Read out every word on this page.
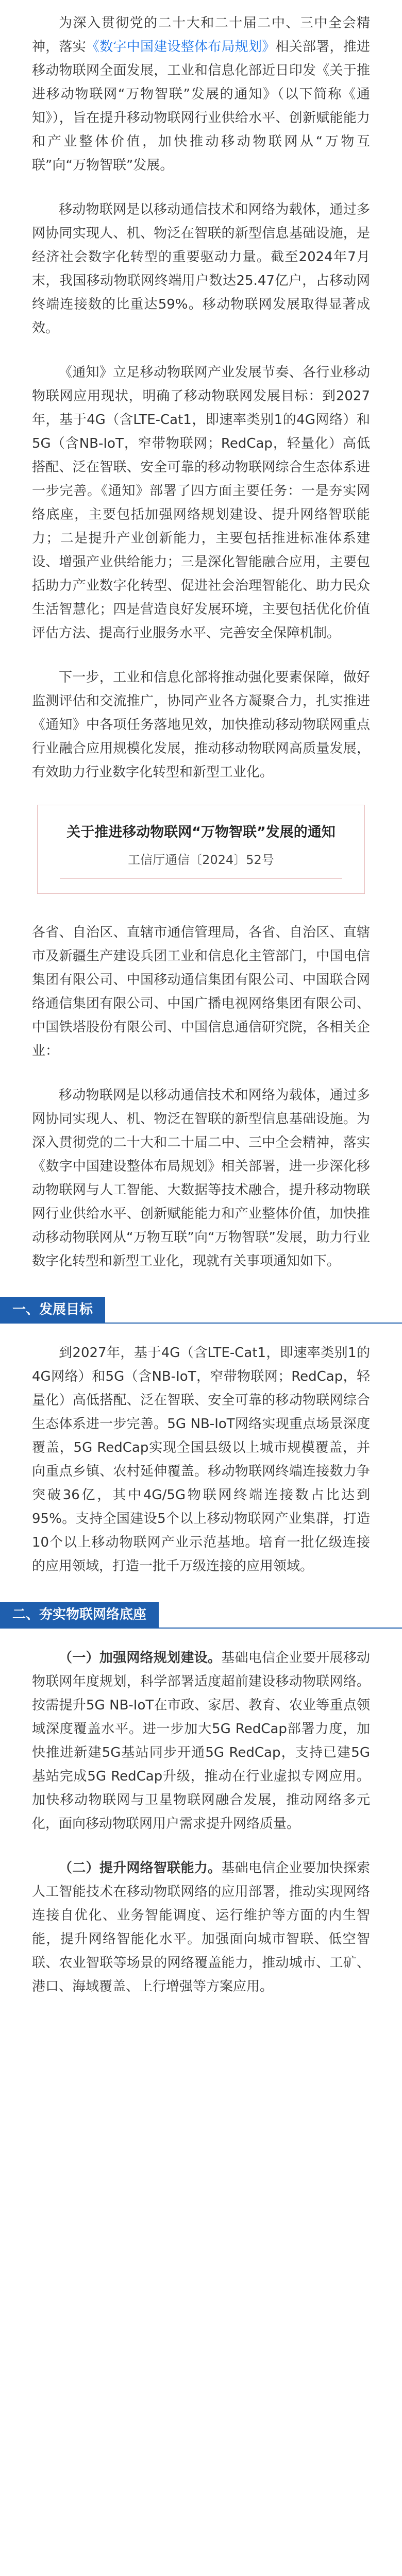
为深入贯彻党的二十大和二十届二中、三中全会精神，落实《数字中国建设整体布局规划》相关部署，推进移动物联网全面发展，工业和信息化部近日印发《关于推进移动物联网“万物智联”发展的通知》（以下简称《通知》），旨在提升移动物联网行业供给水平、创新赋能能力和产业整体价值，加快推动移动物联网从“万物互联”向“万物智联”发展。

移动物联网是以移动通信技术和网络为载体，通过多网协同实现人、机、物泛在智联的新型信息基础设施，是经济社会数字化转型的重要驱动力量。截至2024年7月末，我国移动物联网终端用户数达25.47亿户，占移动网终端连接数的比重达59%。移动物联网发展取得显著成效。

《通知》立足移动物联网产业发展节奏、各行业移动物联网应用现状，明确了移动物联网发展目标：到2027年，基于4G（含LTE-Cat1，即速率类别1的4G网络）和5G（含NB-IoT，窄带物联网；RedCap，轻量化）高低搭配、泛在智联、安全可靠的移动物联网综合生态体系进一步完善。《通知》部署了四方面主要任务：一是夯实网络底座，主要包括加强网络规划建设、提升网络智联能力；二是提升产业创新能力，主要包括推进标准体系建设、增强产业供给能力；三是深化智能融合应用，主要包括助力产业数字化转型、促进社会治理智能化、助力民众生活智慧化；四是营造良好发展环境，主要包括优化价值评估方法、提高行业服务水平、完善安全保障机制。

下一步，工业和信息化部将推动强化要素保障，做好监测评估和交流推广，协同产业各方凝聚合力，扎实推进《通知》中各项任务落地见效，加快推动移动物联网重点行业融合应用规模化发展，推动移动物联网高质量发展，有效助力行业数字化转型和新型工业化。

关于推进移动物联网“万物智联”发展的通知

工信厅通信〔2024〕52号

各省、自治区、直辖市通信管理局，各省、自治区、直辖市及新疆生产建设兵团工业和信息化主管部门，中国电信集团有限公司、中国移动通信集团有限公司、中国联合网络通信集团有限公司、中国广播电视网络集团有限公司、中国铁塔股份有限公司、中国信息通信研究院，各相关企业：

移动物联网是以移动通信技术和网络为载体，通过多网协同实现人、机、物泛在智联的新型信息基础设施。为深入贯彻党的二十大和二十届二中、三中全会精神，落实《数字中国建设整体布局规划》相关部署，进一步深化移动物联网与人工智能、大数据等技术融合，提升移动物联网行业供给水平、创新赋能能力和产业整体价值，加快推动移动物联网从“万物互联”向“万物智联”发展，助力行业数字化转型和新型工业化，现就有关事项通知如下。

一、发展目标

到2027年，基于4G（含LTE-Cat1，即速率类别1的4G网络）和5G（含NB-IoT，窄带物联网；RedCap，轻量化）高低搭配、泛在智联、安全可靠的移动物联网综合生态体系进一步完善。5G NB-IoT网络实现重点场景深度覆盖，5G RedCap实现全国县级以上城市规模覆盖，并向重点乡镇、农村延伸覆盖。移动物联网终端连接数力争突破36亿，其中4G/5G物联网终端连接数占比达到95%。支持全国建设5个以上移动物联网产业集群，打造10个以上移动物联网产业示范基地。培育一批亿级连接的应用领域，打造一批千万级连接的应用领域。

二、夯实物联网络底座

（一）加强网络规划建设。基础电信企业要开展移动物联网年度规划，科学部署适度超前建设移动物联网络。按需提升5G NB-IoT在市政、家居、教育、农业等重点领域深度覆盖水平。进一步加大5G RedCap部署力度，加快推进新建5G基站同步开通5G RedCap，支持已建5G基站完成5G RedCap升级，推动在行业虚拟专网应用。加快移动物联网与卫星物联网融合发展，推动网络多元化，面向移动物联网用户需求提升网络质量。

（二）提升网络智联能力。基础电信企业要加快探索人工智能技术在移动物联网络的应用部署，推动实现网络连接自优化、业务智能调度、运行维护等方面的内生智能，提升网络智能化水平。加强面向城市智联、低空智联、农业智联等场景的网络覆盖能力，推动城市、工矿、港口、海域覆盖、上行增强等方案应用。
